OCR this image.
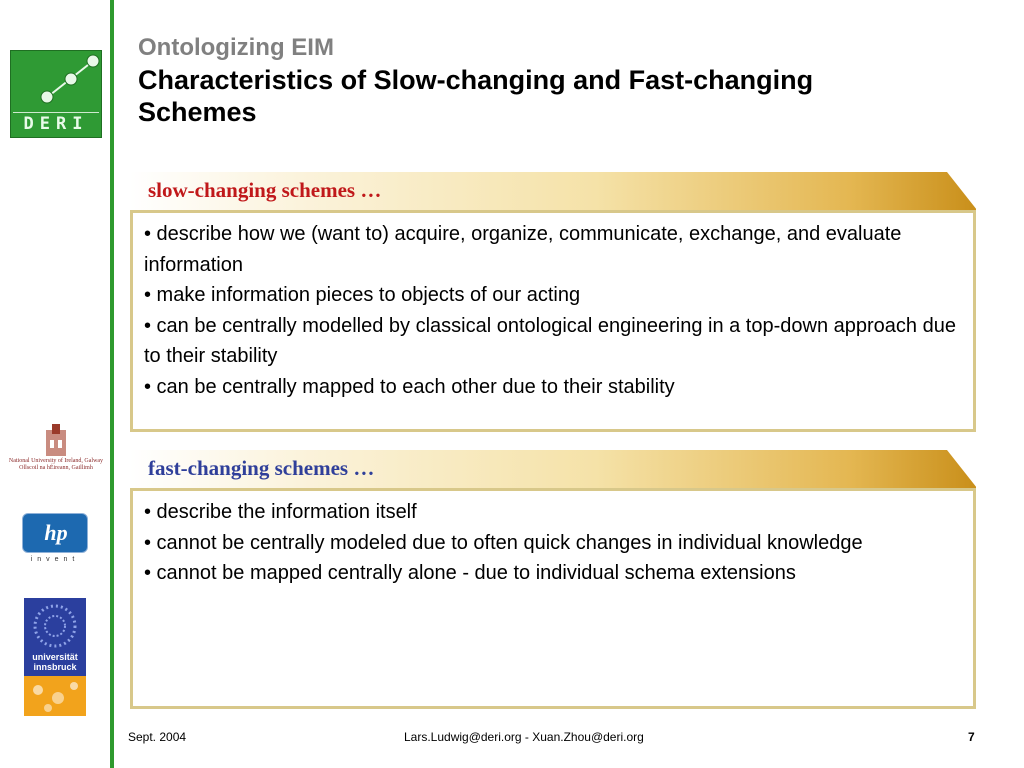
DERI
National University of Ireland, Galway
Ollscoil na hÉireann, Gaillimh
hp
invent
universität
innsbruck
Ontologizing EIM
Characteristics of Slow-changing and Fast-changing Schemes
slow-changing schemes …
• describe how we (want to) acquire, organize, communicate, exchange, and evaluate information
• make information pieces to objects of our acting
• can be centrally modelled by classical ontological engineering in a top-down approach due to their stability
• can be centrally mapped to each other due to their stability
fast-changing schemes …
• describe the information itself
• cannot be centrally modeled due to often quick changes in individual knowledge
• cannot be mapped centrally alone - due to individual schema extensions
Sept. 2004	Lars.Ludwig@deri.org - Xuan.Zhou@deri.org	7
